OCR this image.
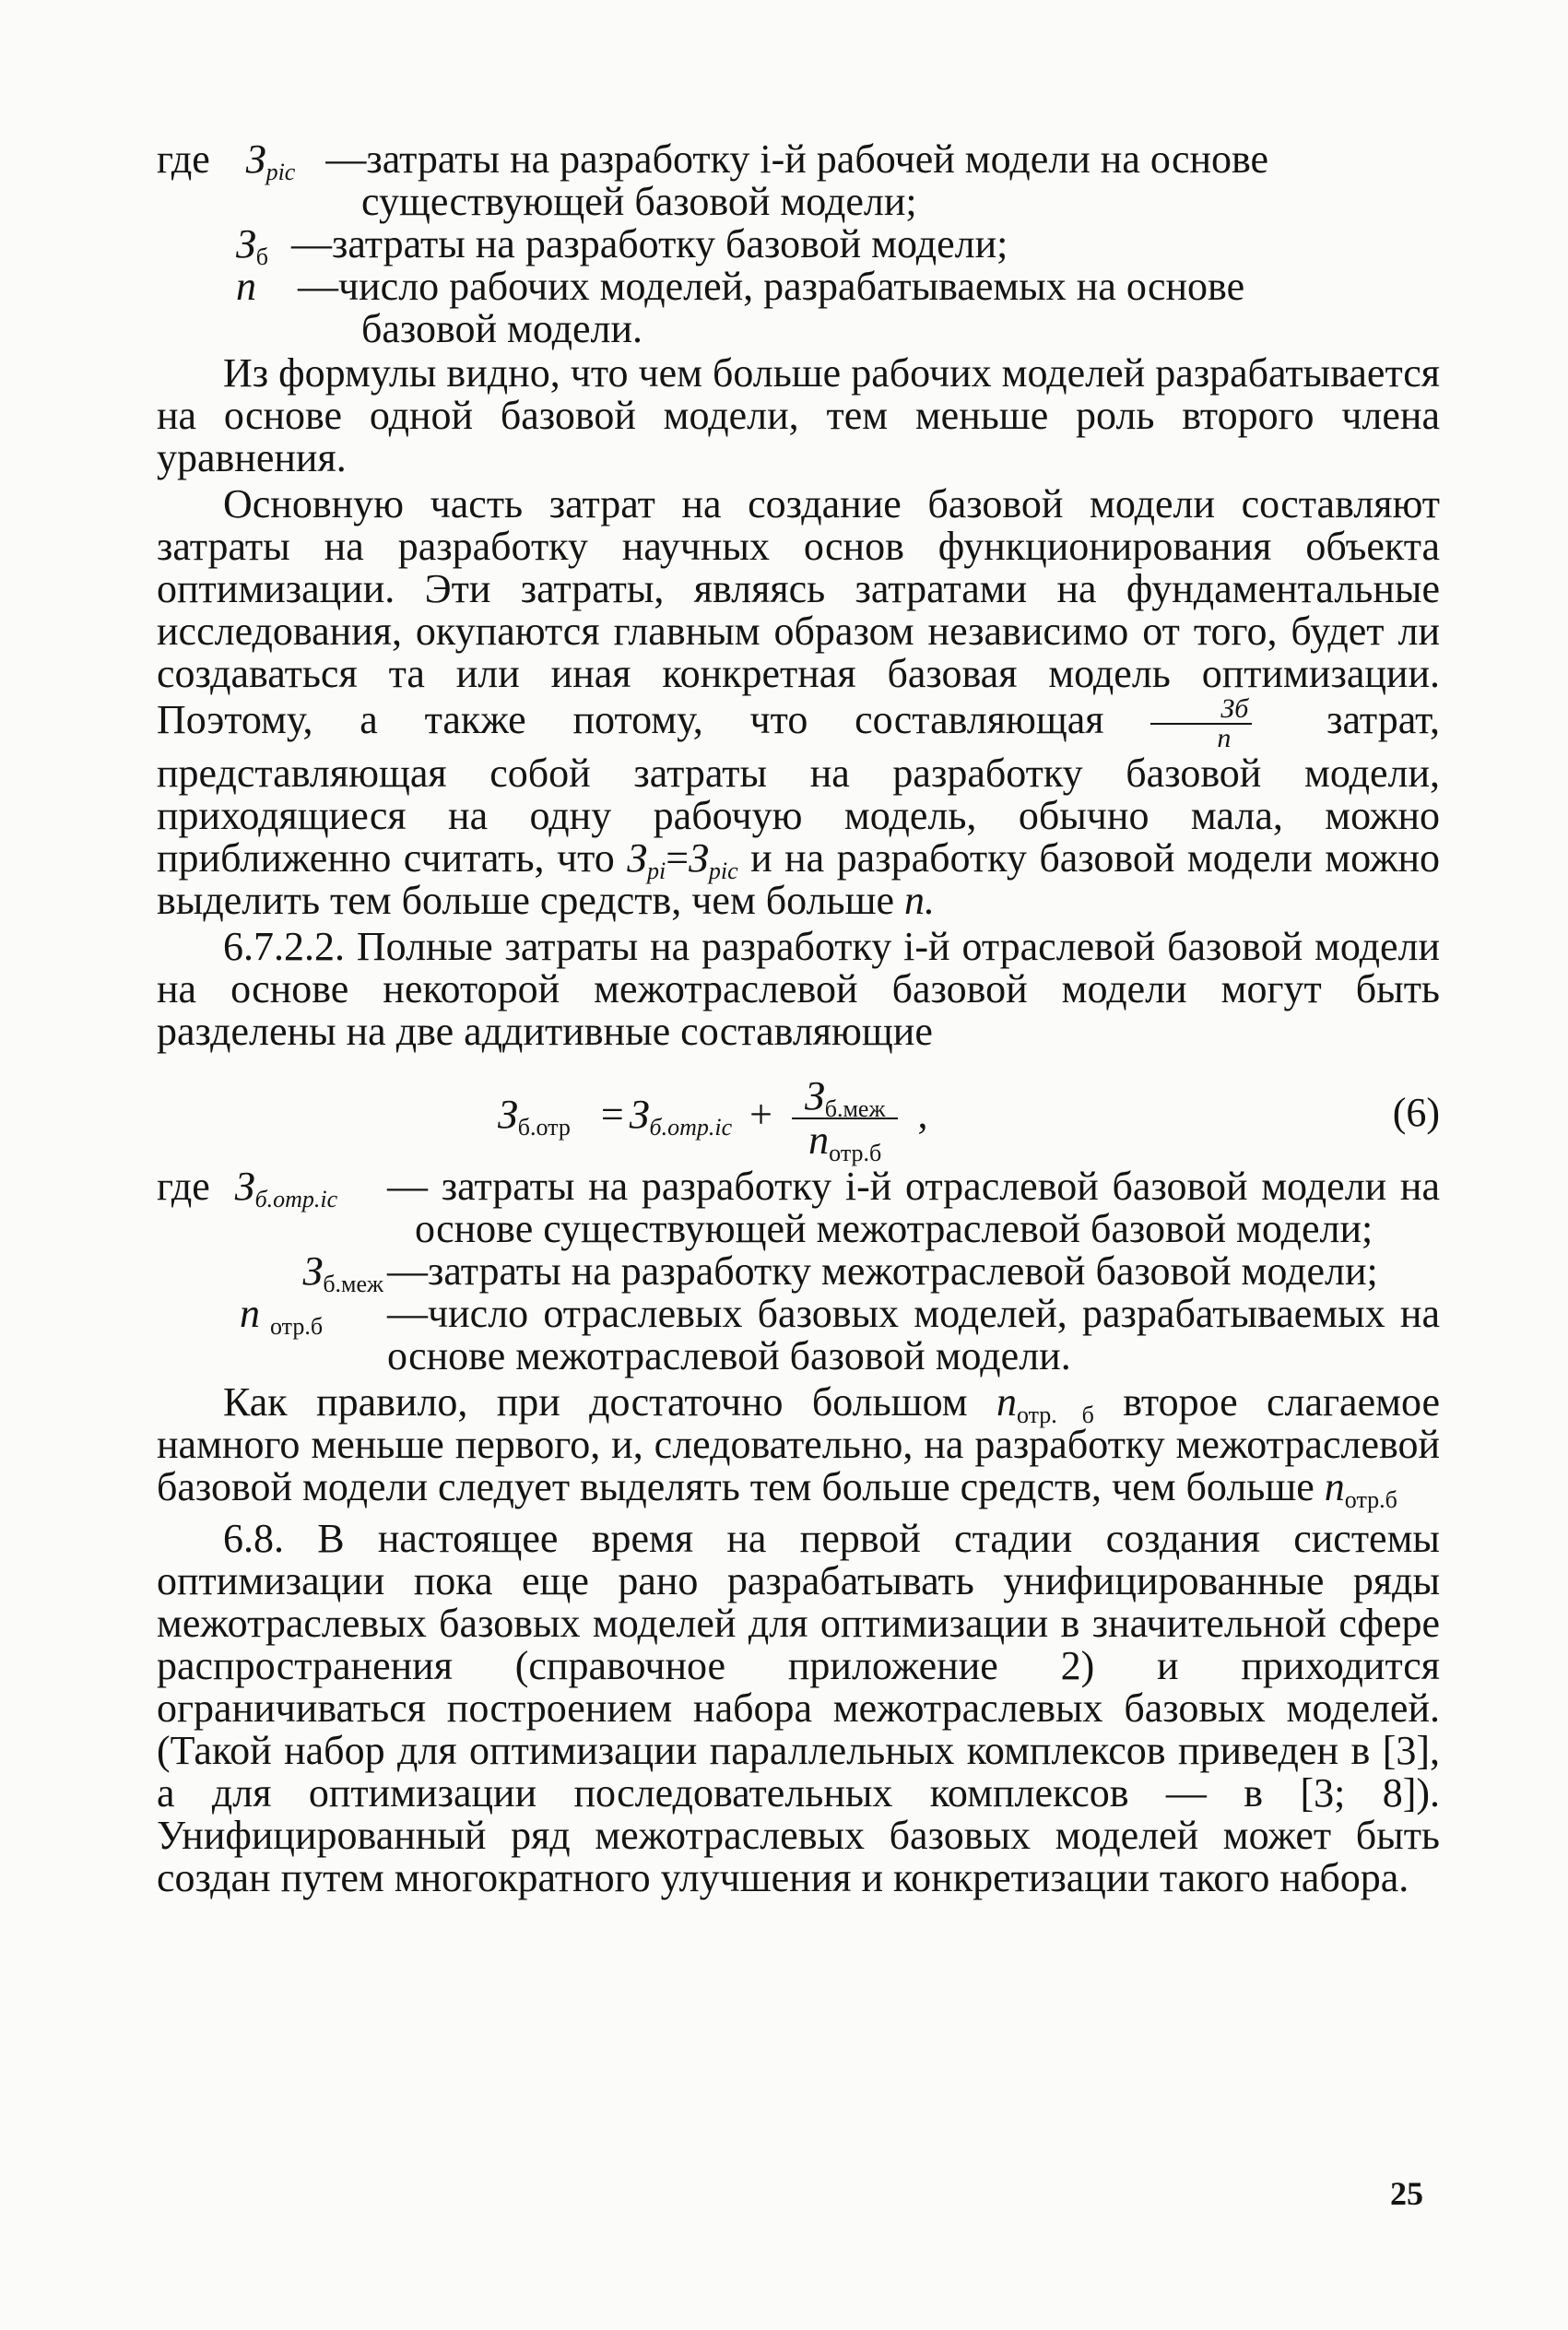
где $З_{piс}$ —затраты на разработку i-й рабочей модели на основе
существующей базовой модели;
$З_б$ —затраты на разработку базовой модели;
n —число рабочих моделей, разрабатываемых на основе
базовой модели.

Из формулы видно, что чем больше рабочих моделей разрабатывается на основе одной базовой модели, тем меньше роль второго члена уравнения.

Основную часть затрат на создание базовой модели составляют затраты на разработку научных основ функционирования объекта оптимизации. Эти затраты, являясь затратами на фундаментальные исследования, окупаются главным образом независимо от того, будет ли создаваться та или иная конкретная базовая модель оптимизации. Поэтому, а также потому, что составляющая $\frac{Зб}{n}$ затрат, представляющая собой затраты на разработку базовой модели, приходящиеся на одну рабочую модель, обычно мала, можно приближенно считать, что $З_{pi}=З_{piс}$ и на разработку базовой модели можно выделить тем больше средств, чем больше n.

6.7.2.2. Полные затраты на разработку i-й отраслевой базовой модели на основе некоторой межотраслевой базовой модели могут быть разделены на две аддитивные составляющие

$З_{б.отр} = З_{б.отр.iс} + \frac{З_{б.меж}}{n_{отр.б}}$ ,	(6)
где $З_{б.отр.iс}$	— затраты на разработку i-й отраслевой базовой модели на основе существующей межотраслевой базовой модели;
$З_{б.меж}$ —затраты на разработку межотраслевой базовой модели;
n $_{отр.б}$	—число отраслевых базовых моделей, разрабатываемых на основе межотраслевой базовой модели.

Как правило, при достаточно большом $n_{отр. б}$ второе слагаемое намного меньше первого, и, следовательно, на разработку межотраслевой базовой модели следует выделять тем больше средств, чем больше $n_{отр.б}$

6.8. В настоящее время на первой стадии создания системы оптимизации пока еще рано разрабатывать унифицированные ряды межотраслевых базовых моделей для оптимизации в значительной сфере распространения (справочное приложение 2) и приходится ограничиваться построением набора межотраслевых базовых моделей. (Такой набор для оптимизации параллельных комплексов приведен в [3], а для оптимизации последовательных комплексов — в [3; 8]). Унифицированный ряд межотраслевых базовых моделей может быть создан путем многократного улучшения и конкретизации такого набора.

25
